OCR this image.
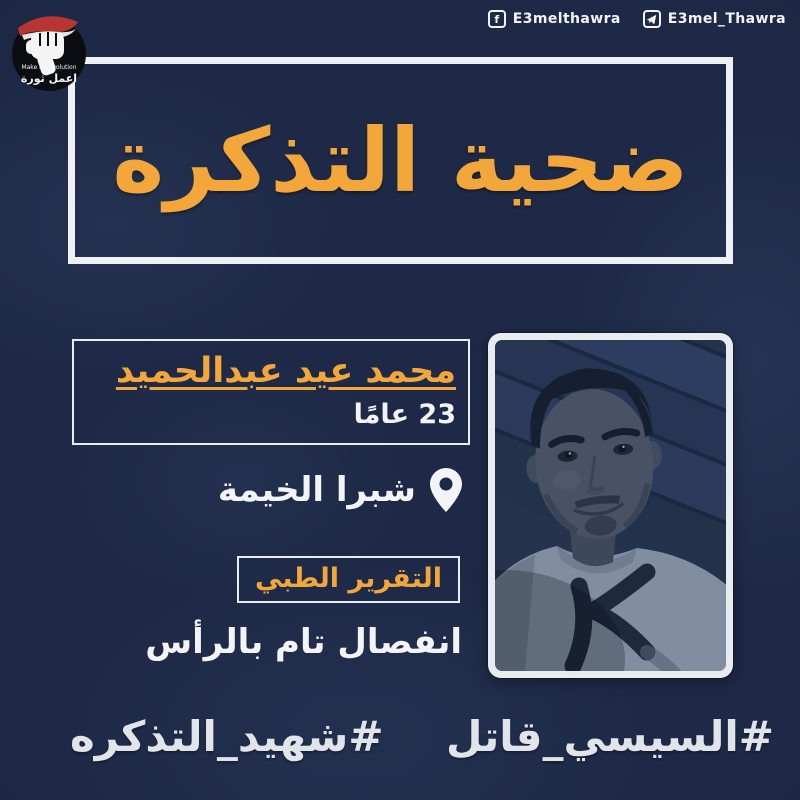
ضحية التذكرة
Make a Revolution
اعمل ثورة
f E3melthawra	E3mel_Thawra
محمد عيد عبدالحميد
23 عامًا
شبرا الخيمة
التقرير الطبي
انفصال تام بالرأس
#السيسي_قاتل
#شهيد_التذكره
